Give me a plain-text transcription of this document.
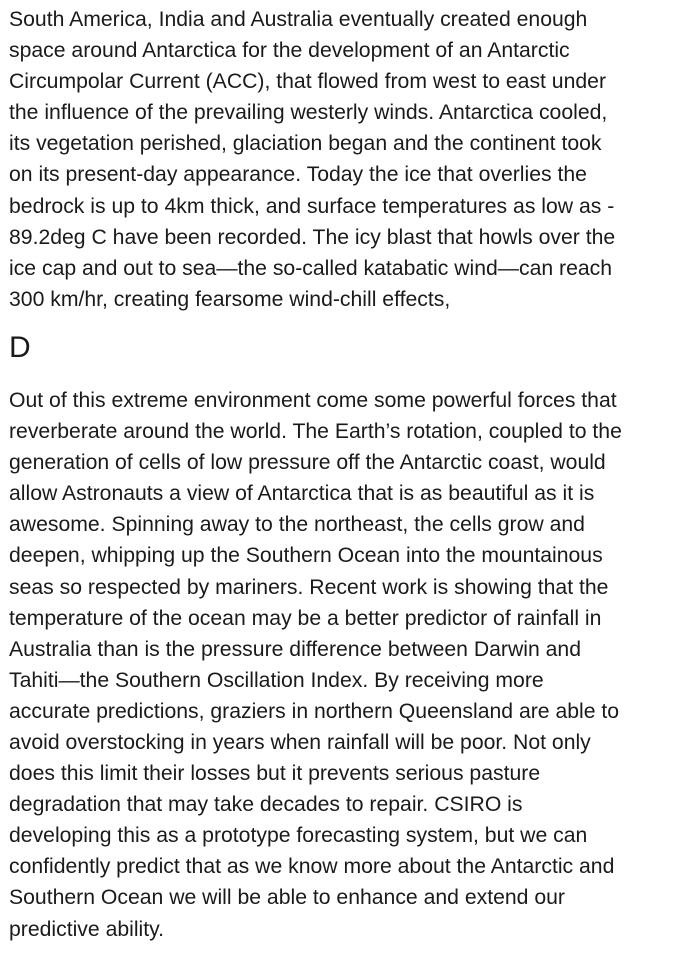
South America, India and Australia eventually created enough
space around Antarctica for the development of an Antarctic
Circumpolar Current (ACC), that flowed from west to east under
the influence of the prevailing westerly winds. Antarctica cooled,
its vegetation perished, glaciation began and the continent took
on its present-day appearance. Today the ice that overlies the
bedrock is up to 4km thick, and surface temperatures as low as -
89.2deg C have been recorded. The icy blast that howls over the
ice cap and out to sea—the so-called katabatic wind—can reach
300 km/hr, creating fearsome wind-chill effects,

D

Out of this extreme environment come some powerful forces that
reverberate around the world. The Earth’s rotation, coupled to the
generation of cells of low pressure off the Antarctic coast, would
allow Astronauts a view of Antarctica that is as beautiful as it is
awesome. Spinning away to the northeast, the cells grow and
deepen, whipping up the Southern Ocean into the mountainous
seas so respected by mariners. Recent work is showing that the
temperature of the ocean may be a better predictor of rainfall in
Australia than is the pressure difference between Darwin and
Tahiti—the Southern Oscillation Index. By receiving more
accurate predictions, graziers in northern Queensland are able to
avoid overstocking in years when rainfall will be poor. Not only
does this limit their losses but it prevents serious pasture
degradation that may take decades to repair. CSIRO is
developing this as a prototype forecasting system, but we can
confidently predict that as we know more about the Antarctic and
Southern Ocean we will be able to enhance and extend our
predictive ability.
